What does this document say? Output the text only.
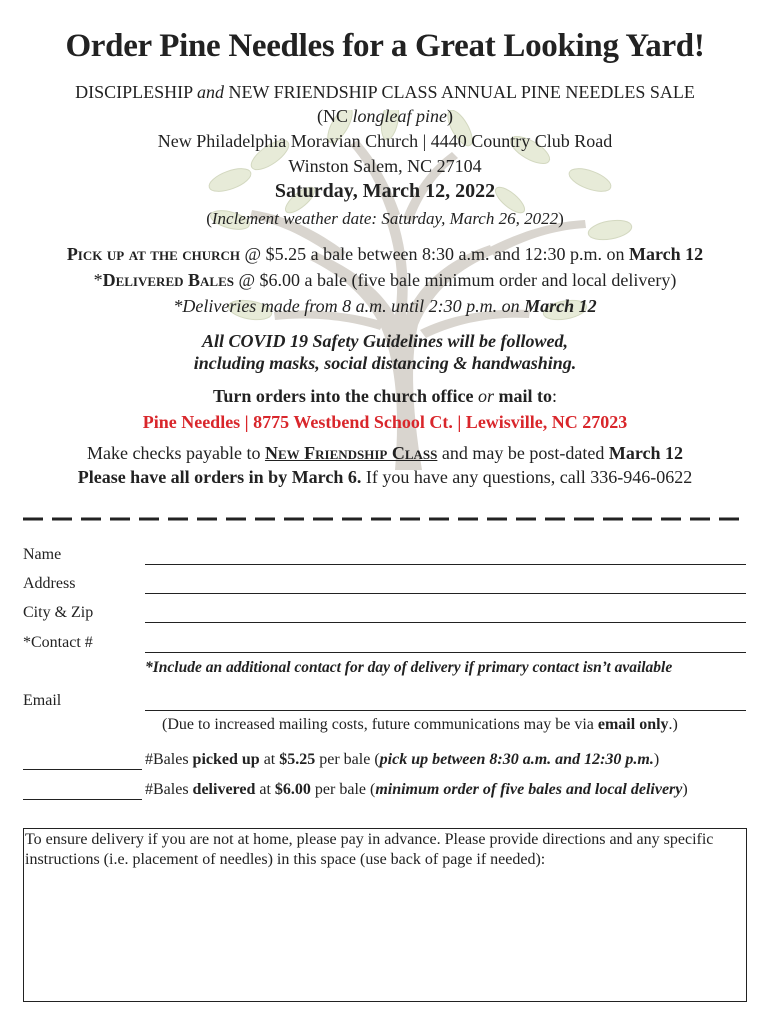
Order Pine Needles for a Great Looking Yard!
DISCIPLESHIP and NEW FRIENDSHIP CLASS ANNUAL PINE NEEDLES SALE
(NC longleaf pine)
New Philadelphia Moravian Church | 4440 Country Club Road
Winston Salem, NC 27104
Saturday, March 12, 2022
(Inclement weather date: Saturday, March 26, 2022)
Pick up at the church @ $5.25 a bale between 8:30 a.m. and 12:30 p.m. on March 12
*Delivered Bales @ $6.00 a bale (five bale minimum order and local delivery)
*Deliveries made from 8 a.m. until 2:30 p.m. on March 12
All COVID 19 Safety Guidelines will be followed,
including masks, social distancing & handwashing.
Turn orders into the church office or mail to:
Pine Needles | 8775 Westbend School Ct. | Lewisville, NC 27023
Make checks payable to New Friendship Class and may be post-dated March 12
Please have all orders in by March 6. If you have any questions, call 336-946-0622
Name
Address
City & Zip
*Contact #
*Include an additional contact for day of delivery if primary contact isn’t available
Email
(Due to increased mailing costs, future communications may be via email only.)
#Bales picked up at $5.25 per bale (pick up between 8:30 a.m. and 12:30 p.m.)
#Bales delivered at $6.00 per bale (minimum order of five bales and local delivery)
To ensure delivery if you are not at home, please pay in advance. Please provide directions and any specific instructions (i.e. placement of needles) in this space (use back of page if needed):
